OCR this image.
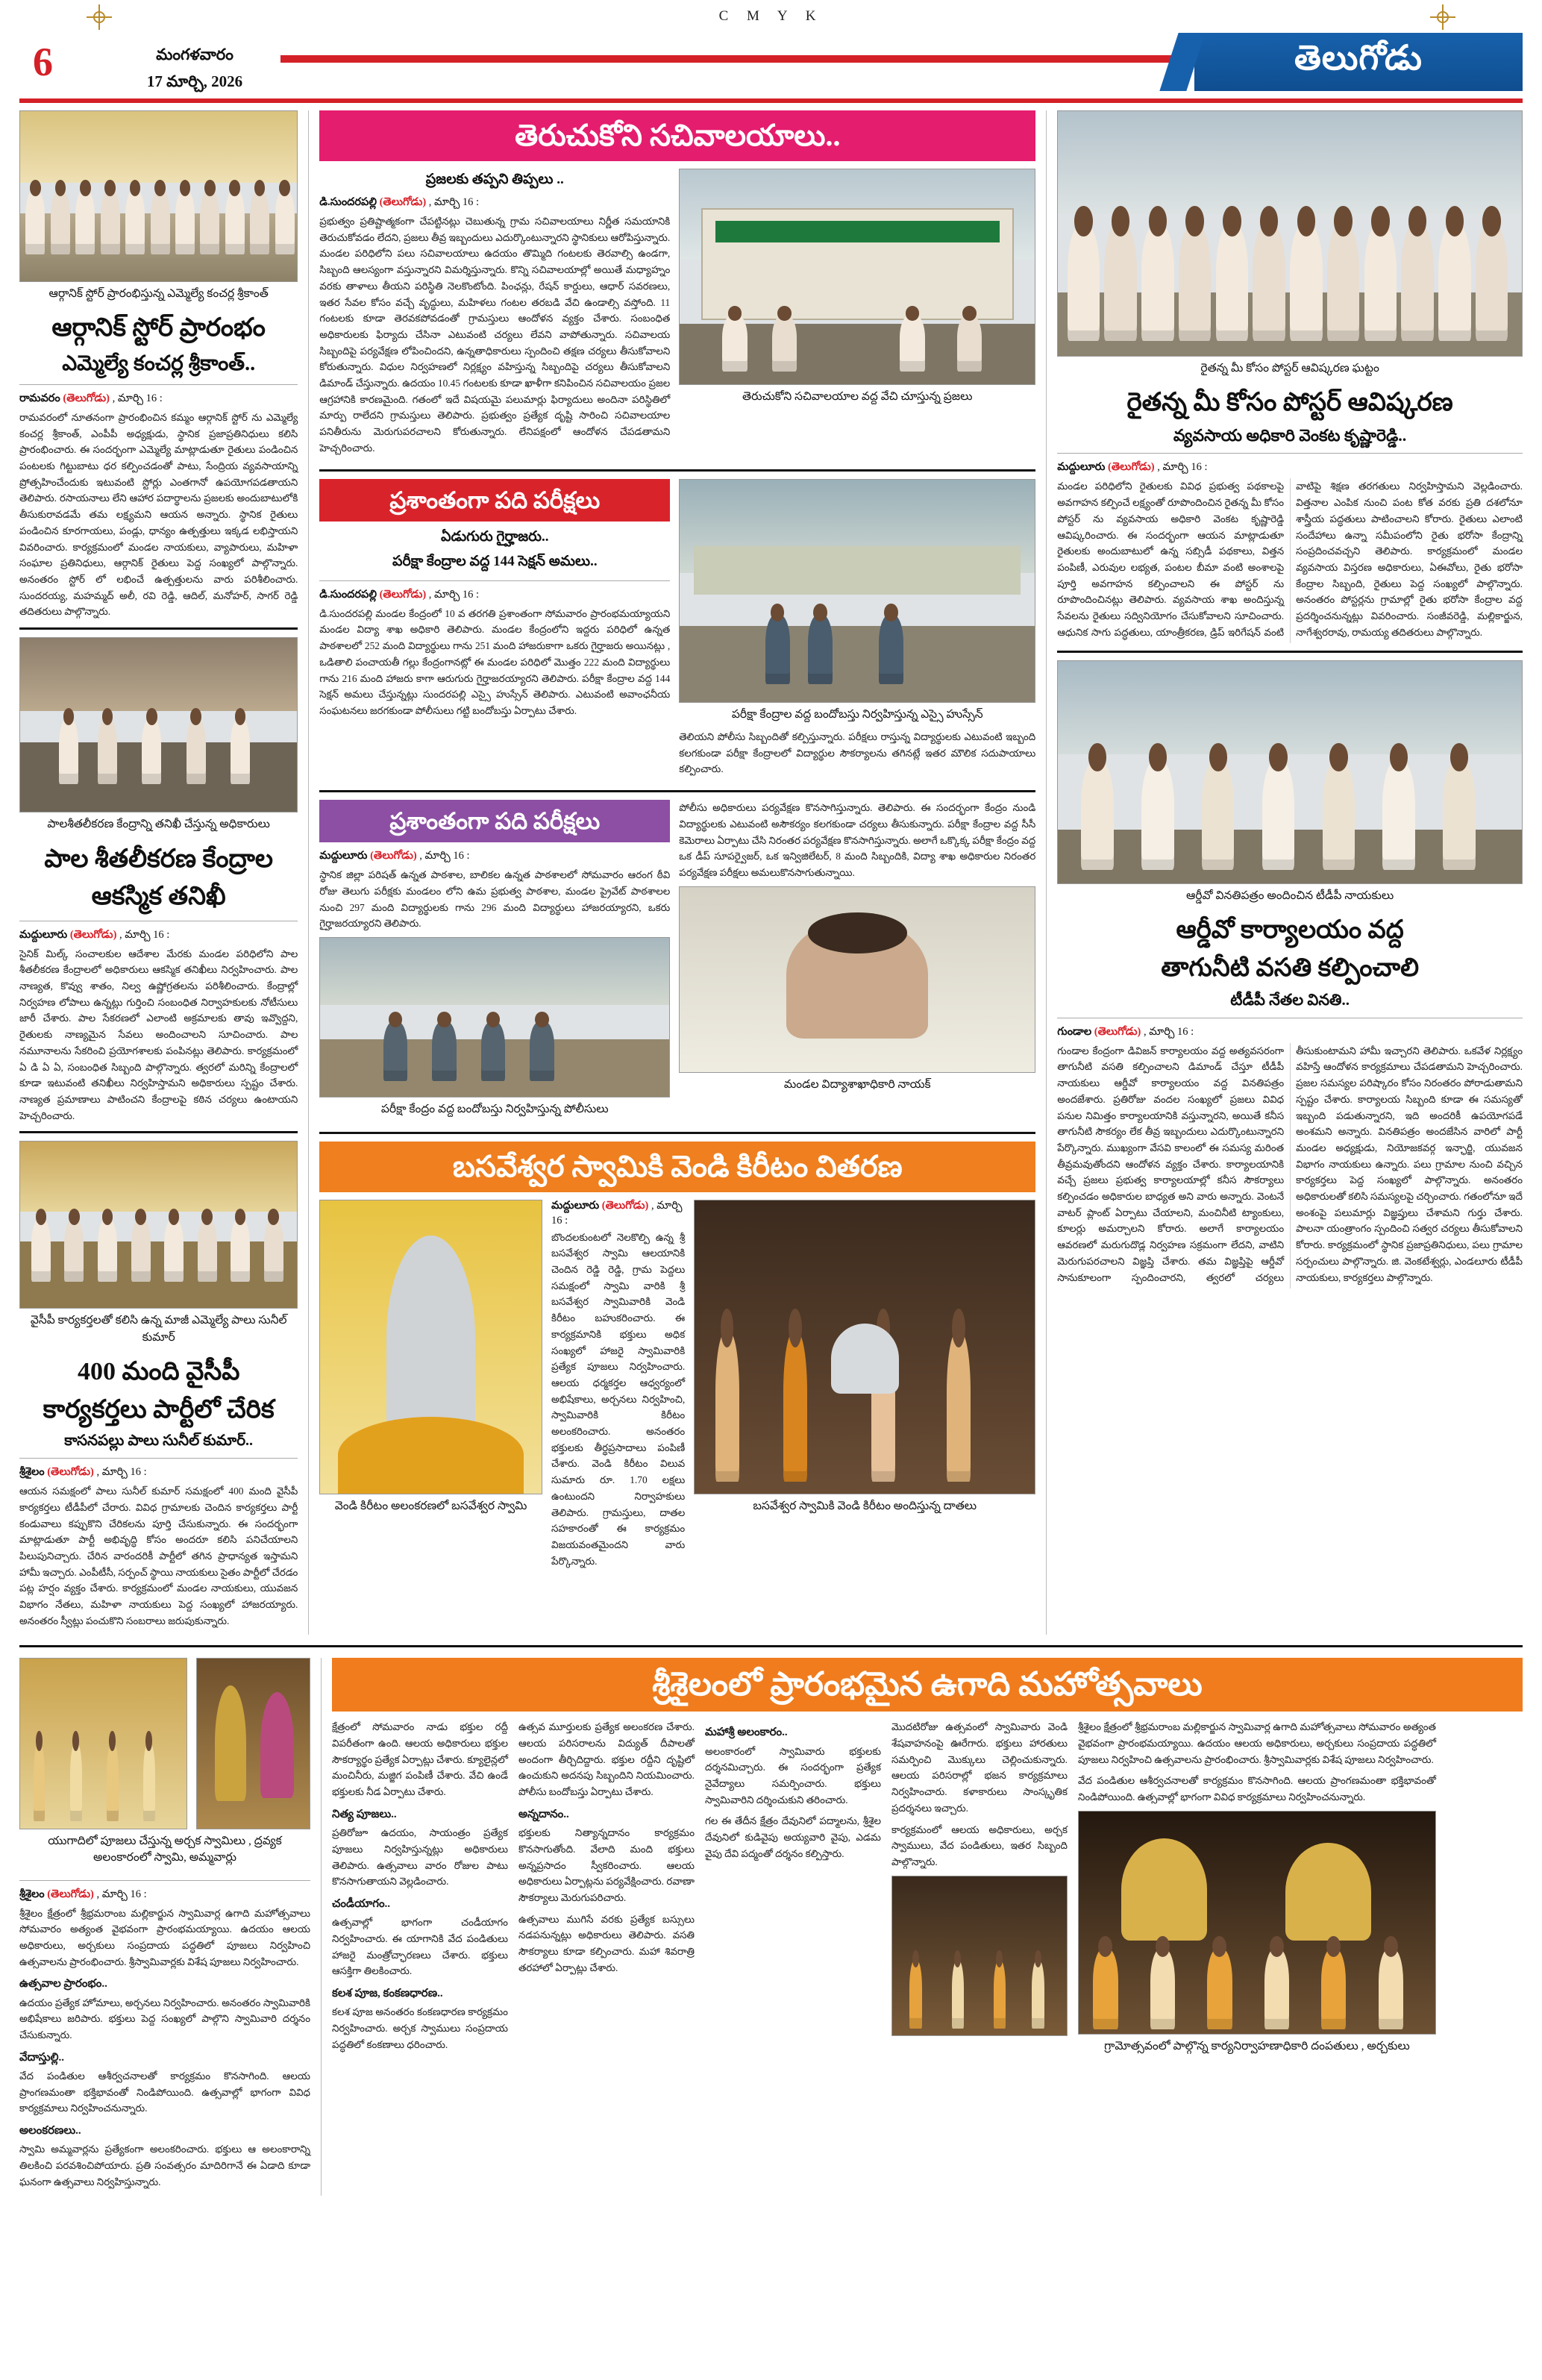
C M Y K
6	మంగళవారం
17 మార్చి, 2026
తెలుగోడు
ఆర్గానిక్ స్టోర్ ప్రారంభిస్తున్న ఎమ్మెల్యే కంచర్ల శ్రీకాంత్
ఆర్గానిక్ స్టోర్ ప్రారంభం
ఎమ్మెల్యే కంచర్ల శ్రీకాంత్..
రామవరం (తెలుగోడు) , మార్చి 16 :

రామవరంలో నూతనంగా ప్రారంభించిన కమ్మం ఆర్గానిక్ స్టోర్ ను ఎమ్మెల్యే కంచర్ల శ్రీకాంత్, ఎంపీపీ అధ్యక్షుడు, స్థానిక ప్రజాప్రతినిధులు కలిసి ప్రారంభించారు. ఈ సందర్భంగా ఎమ్మెల్యే మాట్లాడుతూ రైతులు పండించిన పంటలకు గిట్టుబాటు ధర కల్పించడంతో పాటు, సేంద్రియ వ్యవసాయాన్ని ప్రోత్సహించేందుకు ఇటువంటి స్టోర్లు ఎంతగానో ఉపయోగపడతాయని తెలిపారు. రసాయనాలు లేని ఆహార పదార్థాలను ప్రజలకు అందుబాటులోకి తీసుకురావడమే తమ లక్ష్యమని ఆయన అన్నారు. స్థానిక రైతులు పండించిన కూరగాయలు, పండ్లు, ధాన్యం ఉత్పత్తులు ఇక్కడ లభిస్తాయని వివరించారు. కార్యక్రమంలో మండల నాయకులు, వ్యాపారులు, మహిళా సంఘాల ప్రతినిధులు, ఆర్గానిక్ రైతులు పెద్ద సంఖ్యలో పాల్గొన్నారు. అనంతరం స్టోర్ లో లభించే ఉత్పత్తులను వారు పరిశీలించారు. సుందరయ్య, మహమ్మద్ అలీ, రవి రెడ్డి, ఆదిల్, మనోహర్, సాగర్ రెడ్డి తదితరులు పాల్గొన్నారు.

పాలశీతలీకరణ కేంద్రాన్ని తనిఖీ చేస్తున్న అధికారులు
పాల శీతలీకరణ కేంద్రాల
ఆకస్మిక తనిఖీ
మద్దులూరు (తెలుగోడు) , మార్చి 16 :

సైనిక్ మిల్క్ సంచాలకుల ఆదేశాల మేరకు మండల పరిధిలోని పాల శీతలీకరణ కేంద్రాలలో అధికారులు ఆకస్మిక తనిఖీలు నిర్వహించారు. పాల నాణ్యత, కొవ్వు శాతం, నిల్వ ఉష్ణోగ్రతలను పరిశీలించారు. కేంద్రాల్లో నిర్వహణ లోపాలు ఉన్నట్లు గుర్తించి సంబంధిత నిర్వాహకులకు నోటీసులు జారీ చేశారు. పాల సేకరణలో ఎలాంటి అక్రమాలకు తావు ఇవ్వొద్దని, రైతులకు నాణ్యమైన సేవలు అందించాలని సూచించారు. పాల నమూనాలను సేకరించి ప్రయోగశాలకు పంపినట్లు తెలిపారు. కార్యక్రమంలో ఏ డి ఏ ఏ, సంబంధిత సిబ్బంది పాల్గొన్నారు. త్వరలో మరిన్ని కేంద్రాలలో కూడా ఇటువంటి తనిఖీలు నిర్వహిస్తామని అధికారులు స్పష్టం చేశారు. నాణ్యత ప్రమాణాలు పాటించని కేంద్రాలపై కఠిన చర్యలు ఉంటాయని హెచ్చరించారు.

వైసీపీ కార్యకర్తలతో కలిసి ఉన్న మాజీ ఎమ్మెల్యే పాలు సునీల్ కుమార్
400 మంది వైసీపీ
కార్యకర్తలు పార్టీలో చేరిక
కాసనపల్లు పాలు సునీల్ కుమార్..
శ్రీశైలం (తెలుగోడు) , మార్చి 16 :

ఆయన సమక్షంలో పాలు సునీల్ కుమార్ సమక్షంలో 400 మంది వైసీపీ కార్యకర్తలు టీడీపీలో చేరారు. వివిధ గ్రామాలకు చెందిన కార్యకర్తలు పార్టీ కండువాలు కప్పుకొని చేరికలను పూర్తి చేసుకున్నారు. ఈ సందర్భంగా మాట్లాడుతూ పార్టీ అభివృద్ధి కోసం అందరూ కలిసి పనిచేయాలని పిలుపునిచ్చారు. చేరిన వారందరికీ పార్టీలో తగిన ప్రాధాన్యత ఇస్తామని హామీ ఇచ్చారు. ఎంపీటీసీ, సర్పంచ్ స్థాయి నాయకులు సైతం పార్టీలో చేరడం పట్ల హర్షం వ్యక్తం చేశారు. కార్యక్రమంలో మండల నాయకులు, యువజన విభాగం నేతలు, మహిళా నాయకులు పెద్ద సంఖ్యలో హాజరయ్యారు. అనంతరం స్వీట్లు పంచుకొని సంబరాలు జరుపుకున్నారు.

తెరుచుకోని సచివాలయాలు..
ప్రజలకు తప్పని తిప్పలు ..
డి.సుందరపల్లి (తెలుగోడు) , మార్చి 16 :

ప్రభుత్వం ప్రతిష్టాత్మకంగా చేపట్టినట్లు చెబుతున్న గ్రామ సచివాలయాలు నిర్ణీత సమయానికి తెరుచుకోవడం లేదని, ప్రజలు తీవ్ర ఇబ్బందులు ఎదుర్కొంటున్నారని స్థానికులు ఆరోపిస్తున్నారు. మండల పరిధిలోని పలు సచివాలయాలు ఉదయం తొమ్మిది గంటలకు తెరవాల్సి ఉండగా, సిబ్బంది ఆలస్యంగా వస్తున్నారని విమర్శిస్తున్నారు. కొన్ని సచివాలయాల్లో అయితే మధ్యాహ్నం వరకు తాళాలు తీయని పరిస్థితి నెలకొంటోంది. పింఛన్లు, రేషన్ కార్డులు, ఆధార్ సవరణలు, ఇతర సేవల కోసం వచ్చే వృద్ధులు, మహిళలు గంటల తరబడి వేచి ఉండాల్సి వస్తోంది. 11 గంటలకు కూడా తెరవకపోవడంతో గ్రామస్తులు ఆందోళన వ్యక్తం చేశారు. సంబంధిత అధికారులకు ఫిర్యాదు చేసినా ఎటువంటి చర్యలు లేవని వాపోతున్నారు. సచివాలయ సిబ్బందిపై పర్యవేక్షణ లోపించిందని, ఉన్నతాధికారులు స్పందించి తక్షణ చర్యలు తీసుకోవాలని కోరుతున్నారు. విధుల నిర్వహణలో నిర్లక్ష్యం వహిస్తున్న సిబ్బందిపై చర్యలు తీసుకోవాలని డిమాండ్ చేస్తున్నారు. ఉదయం 10.45 గంటలకు కూడా ఖాళీగా కనిపించిన సచివాలయం ప్రజల ఆగ్రహానికి కారణమైంది. గతంలో ఇదే విషయమై పలుమార్లు ఫిర్యాదులు అందినా పరిస్థితిలో మార్పు రాలేదని గ్రామస్తులు తెలిపారు. ప్రభుత్వం ప్రత్యేక దృష్టి సారించి సచివాలయాల పనితీరును మెరుగుపరచాలని కోరుతున్నారు. లేనిపక్షంలో ఆందోళన చేపడతామని హెచ్చరించారు.

తెరుచుకోని సచివాలయాల వద్ద వేచి చూస్తున్న ప్రజలు
ప్రశాంతంగా పది పరీక్షలు
ఏడుగురు గైర్హాజరు..
పరీక్షా కేంద్రాల వద్ద 144 సెక్షన్ అమలు..
డి.సుందరపల్లి (తెలుగోడు) , మార్చి 16 :

డి.సుందరపల్లి మండల కేంద్రంలో 10 వ తరగతి ప్రశాంతంగా సోమవారం ప్రారంభమయ్యాయని మండల విద్యా శాఖ అధికారి తెలిపారు. మండల కేంద్రంలోని ఇద్దరు పరిధిలో ఉన్నత పాఠశాలలో 252 మంది విద్యార్థులు గాను 251 మంది హాజరుకాగా ఒకరు గైర్హాజరు అయినట్లు , ఒడితాలి పంచాయతీ గల్లు కేంద్రంగానట్లో ఈ మండల పరిధిలో మొత్తం 222 మంది విద్యార్థులు గాను 216 మంది హాజరు కాగా ఆరుగురు గైర్హాజరయ్యారని తెలిపారు. పరీక్షా కేంద్రాల వద్ద 144 సెక్షన్ అమలు చేస్తున్నట్లు సుందరపల్లి ఎస్సై హుస్సేన్ తెలిపారు. ఎటువంటి అవాంఛనీయ సంఘటనలు జరగకుండా పోలీసులు గట్టి బందోబస్తు ఏర్పాటు చేశారు.	పరీక్షా కేంద్రాల వద్ద బందోబస్తు నిర్వహిస్తున్న ఎస్సై హుస్సేన్

తెలియని పోలీసు సిబ్బందితో కల్పిస్తున్నారు. పరీక్షలు రాస్తున్న విద్యార్థులకు ఎటువంటి ఇబ్బంది కలగకుండా పరీక్షా కేంద్రాలలో విద్యార్థుల సౌకర్యాలను తగినట్లే ఇతర మౌలిక సదుపాయాలు కల్పించారు.

ప్రశాంతంగా పది పరీక్షలు
మద్దులూరు (తెలుగోడు) , మార్చి 16 :

స్థానిక జిల్లా పరిషత్ ఉన్నత పాఠశాల, బాలికల ఉన్నత పాఠశాలలో సోమవారం ఆరంగ ఠీవి రోజు తెలుగు పరీక్షకు మండలం లోని ఉమ ప్రభుత్వ పాఠశాల, మండల ప్రైవేట్ పాఠశాలల నుంచి 297 మంది విద్యార్థులకు గాను 296 మంది విద్యార్థులు హాజరయ్యారని, ఒకరు గైర్హాజరయ్యారని తెలిపారు.

పరీక్షా కేంద్రం వద్ద బందోబస్తు నిర్వహిస్తున్న పోలీసులు

పోలీసు అధికారులు పర్యవేక్షణ కొనసాగిస్తున్నారు. తెలిపారు. ఈ సందర్భంగా కేంద్రం నుండి విద్యార్థులకు ఎటువంటి అసౌకర్యం కలగకుండా చర్యలు తీసుకున్నారు. పరీక్షా కేంద్రాల వద్ద సీసీ కెమెరాలు ఏర్పాటు చేసి నిరంతర పర్యవేక్షణ కొనసాగిస్తున్నారు. అలాగే ఒక్కొక్క పరీక్షా కేంద్రం వద్ద ఒక డీప్ సూపర్వైజర్, ఒక ఇన్విజిలేటర్, 8 మంది సిబ్బందికి, విద్యా శాఖ అధికారుల నిరంతర పర్యవేక్షణ పరీక్షలు అమలుకొనసాగుతున్నాయి.

మండల విద్యాశాఖాధికారి నాయక్
బసవేశ్వర స్వామికి వెండి కిరీటం వితరణ
వెండి కిరీటం అలంకరణలో బసవేశ్వర స్వామి
మద్దులూరు (తెలుగోడు) , మార్చి 16 :

బొందలకుంటలో నెలకొల్పి ఉన్న శ్రీ బసవేశ్వర స్వామి ఆలయానికి చెందిన రెడ్డి రెడ్డి, గ్రామ పెద్దలు సమక్షంలో స్వామి వారికి శ్రీ బసవేశ్వర స్వామివారికి వెండి కిరీటం బహుకరించారు. ఈ కార్యక్రమానికి భక్తులు అధిక సంఖ్యలో హాజరై స్వామివారికి ప్రత్యేక పూజలు నిర్వహించారు. ఆలయ ధర్మకర్తల ఆధ్వర్యంలో అభిషేకాలు, అర్చనలు నిర్వహించి, స్వామివారికి కిరీటం అలంకరించారు. అనంతరం భక్తులకు తీర్థప్రసాదాలు పంపిణీ చేశారు. వెండి కిరీటం విలువ సుమారు రూ. 1.70 లక్షలు ఉంటుందని నిర్వాహకులు తెలిపారు. గ్రామస్తులు, దాతల సహకారంతో ఈ కార్యక్రమం విజయవంతమైందని వారు పేర్కొన్నారు.

బసవేశ్వర స్వామికి వెండి కిరీటం అందిస్తున్న దాతలు
రైతన్న మీ కోసం పోస్టర్ ఆవిష్కరణ ఘట్టం
రైతన్న మీ కోసం పోస్టర్ ఆవిష్కరణ
వ్యవసాయ అధికారి వెంకట కృష్ణారెడ్డి..
మద్దులూరు (తెలుగోడు) , మార్చి 16 :

మండల పరిధిలోని రైతులకు వివిధ ప్రభుత్వ పథకాలపై అవగాహన కల్పించే లక్ష్యంతో రూపొందించిన రైతన్న మీ కోసం పోస్టర్ ను వ్యవసాయ అధికారి వెంకట కృష్ణారెడ్డి ఆవిష్కరించారు. ఈ సందర్భంగా ఆయన మాట్లాడుతూ రైతులకు అందుబాటులో ఉన్న సబ్సిడీ పథకాలు, విత్తన పంపిణీ, ఎరువుల లభ్యత, పంటల బీమా వంటి అంశాలపై పూర్తి అవగాహన కల్పించాలని ఈ పోస్టర్ ను రూపొందించినట్లు తెలిపారు. వ్యవసాయ శాఖ అందిస్తున్న సేవలను రైతులు సద్వినియోగం చేసుకోవాలని సూచించారు. ఆధునిక సాగు పద్ధతులు, యాంత్రీకరణ, డ్రిప్ ఇరిగేషన్ వంటి వాటిపై శిక్షణ తరగతులు నిర్వహిస్తామని వెల్లడించారు. విత్తనాల ఎంపిక నుంచి పంట కోత వరకు ప్రతి దశలోనూ శాస్త్రీయ పద్ధతులు పాటించాలని కోరారు. రైతులు ఎలాంటి సందేహాలు ఉన్నా సమీపంలోని రైతు భరోసా కేంద్రాన్ని సంప్రదించవచ్చని తెలిపారు. కార్యక్రమంలో మండల వ్యవసాయ విస్తరణ అధికారులు, ఏఈవోలు, రైతు భరోసా కేంద్రాల సిబ్బంది, రైతులు పెద్ద సంఖ్యలో పాల్గొన్నారు. అనంతరం పోస్టర్లను గ్రామాల్లో రైతు భరోసా కేంద్రాల వద్ద ప్రదర్శించనున్నట్లు వివరించారు. సంజీవరెడ్డి, మల్లికార్జున, నాగేశ్వరరావు, రామయ్య తదితరులు పాల్గొన్నారు.

ఆర్డీవో వినతిపత్రం అందించిన టీడీపీ నాయకులు
ఆర్డీవో కార్యాలయం వద్ద
తాగునీటి వసతి కల్పించాలి
టీడీపీ నేతల వినతి..
గుండాల (తెలుగోడు) , మార్చి 16 :

గుండాల కేంద్రంగా డివిజన్ కార్యాలయం వద్ద అత్యవసరంగా తాగునీటి వసతి కల్పించాలని డిమాండ్ చేస్తూ టీడీపీ నాయకులు ఆర్డీవో కార్యాలయం వద్ద వినతిపత్రం అందజేశారు. ప్రతిరోజు వందల సంఖ్యలో ప్రజలు వివిధ పనుల నిమిత్తం కార్యాలయానికి వస్తున్నారని, అయితే కనీస తాగునీటి సౌకర్యం లేక తీవ్ర ఇబ్బందులు ఎదుర్కొంటున్నారని పేర్కొన్నారు. ముఖ్యంగా వేసవి కాలంలో ఈ సమస్య మరింత తీవ్రమవుతోందని ఆందోళన వ్యక్తం చేశారు. కార్యాలయానికి వచ్చే ప్రజలు ప్రభుత్వ కార్యాలయాల్లో కనీస సౌకర్యాలు కల్పించడం అధికారుల బాధ్యత అని వారు అన్నారు. వెంటనే వాటర్ ప్లాంట్ ఏర్పాటు చేయాలని, మంచినీటి ట్యాంకులు, కూలర్లు అమర్చాలని కోరారు. అలాగే కార్యాలయం ఆవరణలో మరుగుదొడ్ల నిర్వహణ సక్రమంగా లేదని, వాటిని మెరుగుపరచాలని విజ్ఞప్తి చేశారు. తమ విజ్ఞప్తిపై ఆర్డీవో సానుకూలంగా స్పందించారని, త్వరలో చర్యలు తీసుకుంటామని హామీ ఇచ్చారని తెలిపారు. ఒకవేళ నిర్లక్ష్యం వహిస్తే ఆందోళన కార్యక్రమాలు చేపడతామని హెచ్చరించారు. ప్రజల సమస్యల పరిష్కారం కోసం నిరంతరం పోరాడుతామని స్పష్టం చేశారు. కార్యాలయ సిబ్బంది కూడా ఈ సమస్యతో ఇబ్బంది పడుతున్నారని, ఇది అందరికీ ఉపయోగపడే అంశమని అన్నారు. వినతిపత్రం అందజేసిన వారిలో పార్టీ మండల అధ్యక్షుడు, నియోజకవర్గ ఇన్ఛార్జి, యువజన విభాగం నాయకులు ఉన్నారు. పలు గ్రామాల నుంచి వచ్చిన కార్యకర్తలు పెద్ద సంఖ్యలో పాల్గొన్నారు. అనంతరం అధికారులతో కలిసి సమస్యలపై చర్చించారు. గతంలోనూ ఇదే అంశంపై పలుమార్లు విజ్ఞప్తులు చేశామని గుర్తు చేశారు. పాలనా యంత్రాంగం స్పందించి సత్వర చర్యలు తీసుకోవాలని కోరారు. కార్యక్రమంలో స్థానిక ప్రజాప్రతినిధులు, పలు గ్రామాల సర్పంచులు పాల్గొన్నారు. జి. వెంకటేశ్వర్లు, ఎండలూరు టీడీపీ నాయకులు, కార్యకర్తలు పాల్గొన్నారు.

యుగాదిలో పూజలు చేస్తున్న అర్చక స్వామిలు , ద్రవ్యక అలంకారంలో స్వామి, అమ్మవార్లు
శ్రీశైలం (తెలుగోడు) , మార్చి 16 :

శ్రీశైలం క్షేత్రంలో శ్రీభ్రమరాంబ మల్లికార్జున స్వామివార్ల ఉగాది మహోత్సవాలు సోమవారం అత్యంత వైభవంగా ప్రారంభమయ్యాయి. ఉదయం ఆలయ అధికారులు, అర్చకులు సంప్రదాయ పద్ధతిలో పూజలు నిర్వహించి ఉత్సవాలను ప్రారంభించారు. శ్రీస్వామివార్లకు విశేష పూజలు నిర్వహించారు.

ఉత్సవాల ప్రారంభం..

ఉదయం ప్రత్యేక హోమాలు, అర్చనలు నిర్వహించారు. అనంతరం స్వామివారికి అభిషేకాలు జరిపారు. భక్తులు పెద్ద సంఖ్యలో పాల్గొని స్వామివారి దర్శనం చేసుకున్నారు.

వేదాస్తుల్లి..

వేద పండితుల ఆశీర్వచనాలతో కార్యక్రమం కొనసాగింది. ఆలయ ప్రాంగణమంతా భక్తిభావంతో నిండిపోయింది. ఉత్సవాల్లో భాగంగా వివిధ కార్యక్రమాలు నిర్వహించనున్నారు.

అలంకరణలు..

స్వామి అమ్మవార్లను ప్రత్యేకంగా అలంకరించారు. భక్తులు ఆ అలంకారాన్ని తిలకించి పరవశించిపోయారు. ప్రతి సంవత్సరం మాదిరిగానే ఈ ఏడాది కూడా ఘనంగా ఉత్సవాలు నిర్వహిస్తున్నారు.

శ్రీశైలంలో ప్రారంభమైన ఉగాది మహోత్సవాలు

క్షేత్రంలో సోమవారం నాడు భక్తుల రద్దీ విపరీతంగా ఉంది. ఆలయ అధికారులు భక్తుల సౌకర్యార్థం ప్రత్యేక ఏర్పాట్లు చేశారు. క్యూలైన్లలో మంచినీరు, మజ్జిగ పంపిణీ చేశారు. వేచి ఉండే భక్తులకు నీడ ఏర్పాటు చేశారు.

నిత్య పూజలు..

ప్రతిరోజూ ఉదయం, సాయంత్రం ప్రత్యేక పూజలు నిర్వహిస్తున్నట్లు అధికారులు తెలిపారు. ఉత్సవాలు వారం రోజుల పాటు కొనసాగుతాయని వెల్లడించారు.

చండీయాగం..

ఉత్సవాల్లో భాగంగా చండీయాగం నిర్వహించారు. ఈ యాగానికి వేద పండితులు హాజరై మంత్రోచ్ఛారణలు చేశారు. భక్తులు ఆసక్తిగా తిలకించారు.

కలశ పూజ, కంకణధారణ..

కలశ పూజ అనంతరం కంకణధారణ కార్యక్రమం నిర్వహించారు. అర్చక స్వాములు సంప్రదాయ పద్ధతిలో కంకణాలు ధరించారు.

ఉత్సవ మూర్తులకు ప్రత్యేక అలంకరణ చేశారు. ఆలయ పరిసరాలను విద్యుత్ దీపాలతో అందంగా తీర్చిదిద్దారు. భక్తుల రద్దీని దృష్టిలో ఉంచుకుని అదనపు సిబ్బందిని నియమించారు. పోలీసు బందోబస్తు ఏర్పాటు చేశారు.

అన్నదానం..

భక్తులకు నిత్యాన్నదానం కార్యక్రమం కొనసాగుతోంది. వేలాది మంది భక్తులు అన్నప్రసాదం స్వీకరించారు. ఆలయ అధికారులు ఏర్పాట్లను పర్యవేక్షించారు. రవాణా సౌకర్యాలు మెరుగుపరిచారు.

ఉత్సవాలు ముగిసే వరకు ప్రత్యేక బస్సులు నడపనున్నట్లు అధికారులు తెలిపారు. వసతి సౌకర్యాలు కూడా కల్పించారు. మహా శివరాత్రి తరహాలో ఏర్పాట్లు చేశారు.

మహాశ్రీ అలంకారం..

అలంకారంలో స్వామివారు భక్తులకు దర్శనమిచ్చారు. ఈ సందర్భంగా ప్రత్యేక నైవేద్యాలు సమర్పించారు. భక్తులు స్వామివారిని దర్శించుకుని తరించారు.

గల ఈ తేదీన క్షేత్రం దేవునిలో పద్మాలను, శ్రీశైల దేవునిలో కుడివైపు అయ్యవారి వైపు, ఎడమ వైపు దేవి పద్మంతో దర్శనం కల్పిస్తారు.

మొదటిరోజు ఉత్సవంలో స్వామివారు వెండి శేషవాహనంపై ఊరేగారు. భక్తులు హారతులు సమర్పించి మొక్కులు చెల్లించుకున్నారు. ఆలయ పరిసరాల్లో భజన కార్యక్రమాలు నిర్వహించారు. కళాకారులు సాంస్కృతిక ప్రదర్శనలు ఇచ్చారు.

కార్యక్రమంలో ఆలయ అధికారులు, అర్చక స్వాములు, వేద పండితులు, ఇతర సిబ్బంది పాల్గొన్నారు.

శ్రీశైలం క్షేత్రంలో శ్రీభ్రమరాంబ మల్లికార్జున స్వామివార్ల ఉగాది మహోత్సవాలు సోమవారం అత్యంత వైభవంగా ప్రారంభమయ్యాయి. ఉదయం ఆలయ అధికారులు, అర్చకులు సంప్రదాయ పద్ధతిలో పూజలు నిర్వహించి ఉత్సవాలను ప్రారంభించారు. శ్రీస్వామివార్లకు విశేష పూజలు నిర్వహించారు.

వేద పండితుల ఆశీర్వచనాలతో కార్యక్రమం కొనసాగింది. ఆలయ ప్రాంగణమంతా భక్తిభావంతో నిండిపోయింది. ఉత్సవాల్లో భాగంగా వివిధ కార్యక్రమాలు నిర్వహించనున్నారు.

గ్రామోత్సవంలో పాల్గొన్న కార్యనిర్వాహణాధికారి దంపతులు , అర్చకులు
